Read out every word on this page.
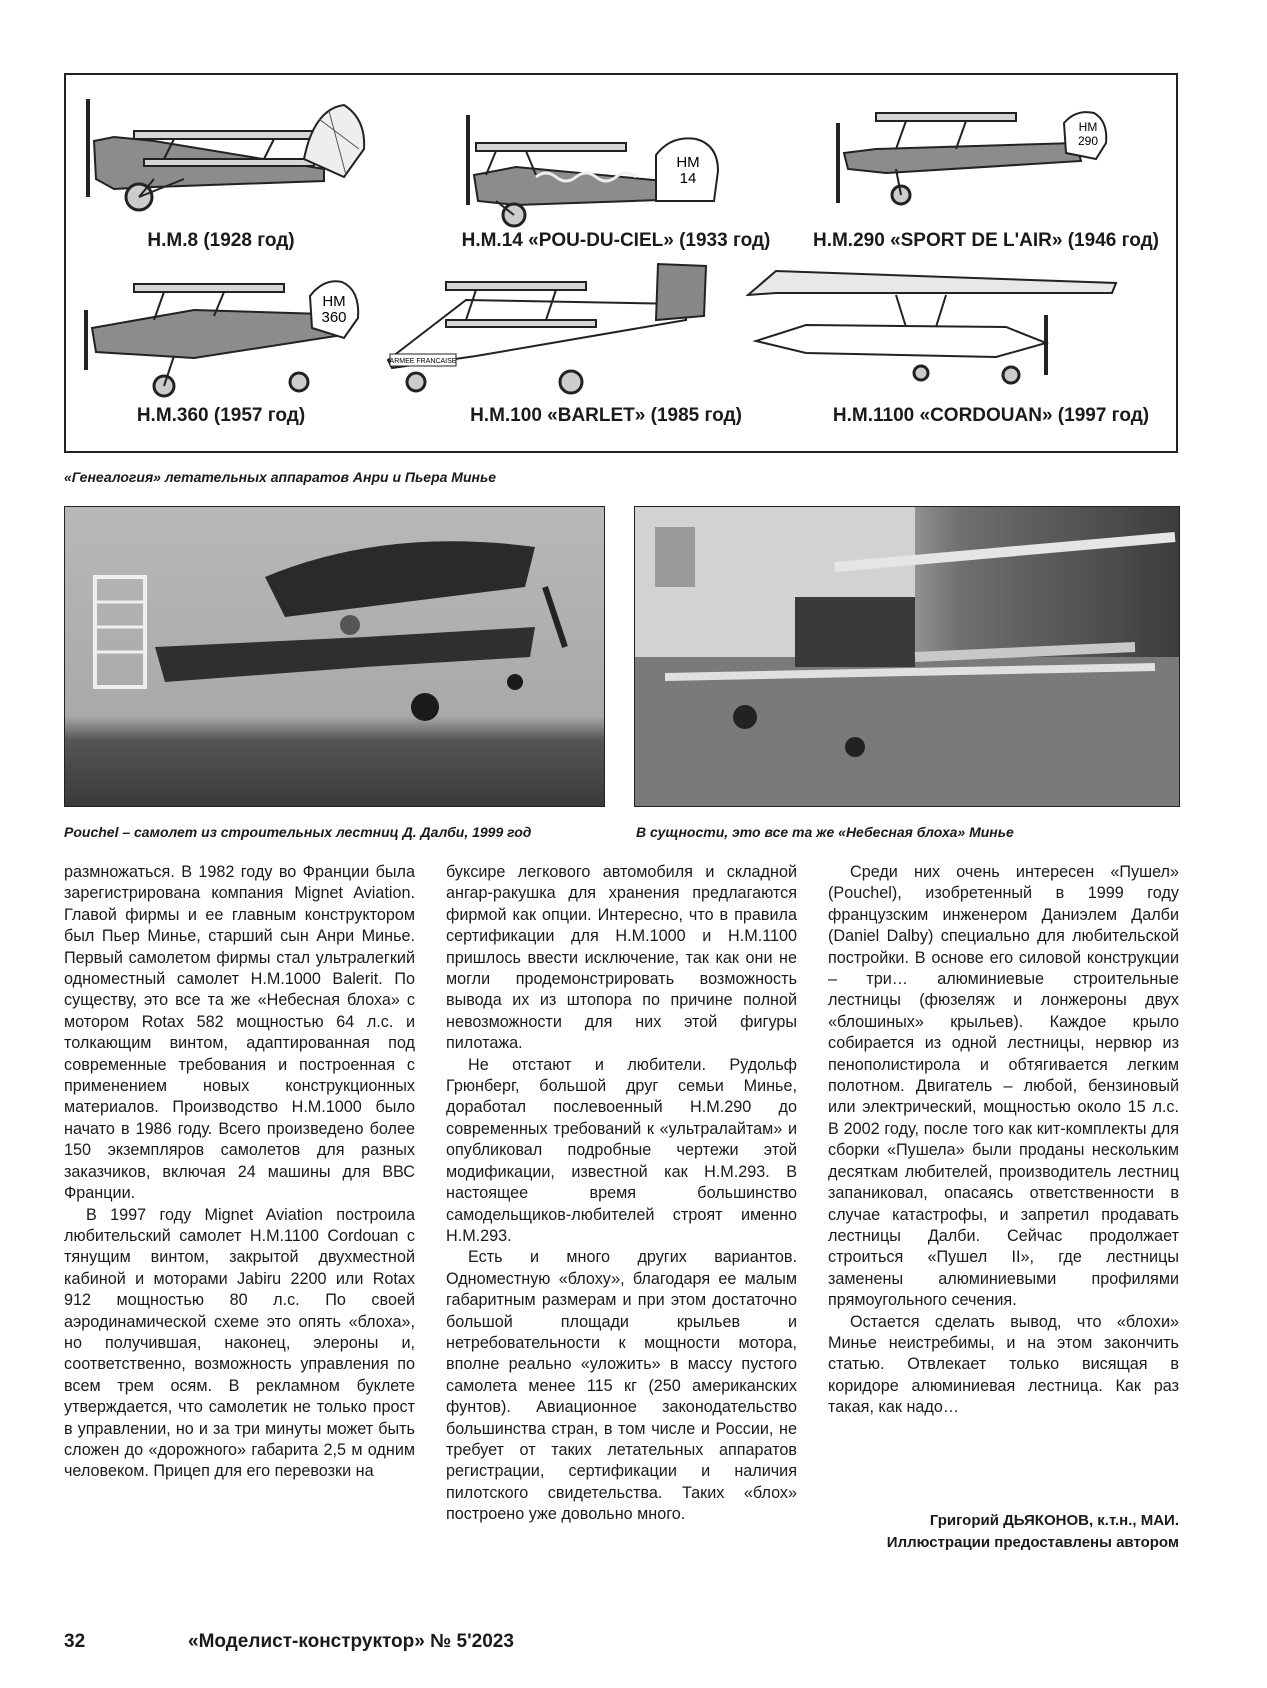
H.M.8 (1928 год)
HM
14
H.M.14 «POU-DU-CIEL» (1933 год)
HM
290
H.M.290 «SPORT DE L'AIR» (1946 год)
HM
360
H.M.360 (1957 год)
ARMEE FRANCAISE
H.M.100 «BARLET» (1985 год)	H.M.1100 «CORDOUAN» (1997 год)
«Генеалогия» летательных аппаратов Анри и Пьера Минье
Pouchel – самолет из строительных лестниц Д. Далби, 1999 год	В сущности, это все та же «Небесная блоха» Минье

размножаться. В 1982 году во Франции была зарегистрирована компания Mignet Aviation. Главой фирмы и ее главным конструктором был Пьер Минье, старший сын Анри Минье. Первый самолетом фирмы стал ультралегкий одноместный самолет H.M.1000 Balerit. По существу, это все та же «Небесная блоха» с мотором Rotax 582 мощностью 64 л.с. и толкающим винтом, адаптированная под современные требования и построенная с применением новых конструкционных материалов. Производство H.M.1000 было начато в 1986 году. Всего произведено более 150 экземпляров самолетов для разных заказчиков, включая 24 машины для ВВС Франции.

В 1997 году Mignet Aviation построила любительский самолет H.M.1100 Cordouan с тянущим винтом, закрытой двухместной кабиной и моторами Jabiru 2200 или Rotax 912 мощностью 80 л.с. По своей аэродинамической схеме это опять «блоха», но получившая, наконец, элероны и, соответственно, возможность управления по всем трем осям. В рекламном буклете утверждается, что самолетик не только прост в управлении, но и за три минуты может быть сложен до «дорожного» габарита 2,5 м одним человеком. Прицеп для его перевозки на

буксире легкового автомобиля и складной ангар-ракушка для хранения предлагаются фирмой как опции. Интересно, что в правила сертификации для H.M.1000 и H.M.1100 пришлось ввести исключение, так как они не могли продемонстрировать возможность вывода их из штопора по причине полной невозможности для них этой фигуры пилотажа.

Не отстают и любители. Рудольф Грюнберг, большой друг семьи Минье, доработал послевоенный H.M.290 до современных требований к «ультралайтам» и опубликовал подробные чертежи этой модификации, известной как H.M.293. В настоящее время большинство самодельщиков-любителей строят именно H.M.293.

Есть и много других вариантов. Одноместную «блоху», благодаря ее малым габаритным размерам и при этом достаточно большой площади крыльев и нетребовательности к мощности мотора, вполне реально «уложить» в массу пустого самолета менее 115 кг (250 американских фунтов). Авиационное законодательство большинства стран, в том числе и России, не требует от таких летательных аппаратов регистрации, сертификации и наличия пилотского свидетельства. Таких «блох» построено уже довольно много.

Среди них очень интересен «Пушел» (Pouchel), изобретенный в 1999 году французским инженером Даниэлем Далби (Daniel Dalby) специально для любительской постройки. В основе его силовой конструкции – три… алюминиевые строительные лестницы (фюзеляж и лонжероны двух «блошиных» крыльев). Каждое крыло собирается из одной лестницы, нервюр из пенополистирола и обтягивается легким полотном. Двигатель – любой, бензиновый или электрический, мощностью около 15 л.с. В 2002 году, после того как кит-комплекты для сборки «Пушела» были проданы нескольким десяткам любителей, производитель лестниц запаниковал, опасаясь ответственности в случае катастрофы, и запретил продавать лестницы Далби. Сейчас продолжает строиться «Пушел II», где лестницы заменены алюминиевыми профилями прямоугольного сечения.

Остается сделать вывод, что «блохи» Минье неистребимы, и на этом закончить статью. Отвлекает только висящая в коридоре алюминиевая лестница. Как раз такая, как надо…

Григорий ДЬЯКОНОВ, к.т.н., МАИ.
Иллюстрации предоставлены автором
32	«Моделист-конструктор» № 5'2023
